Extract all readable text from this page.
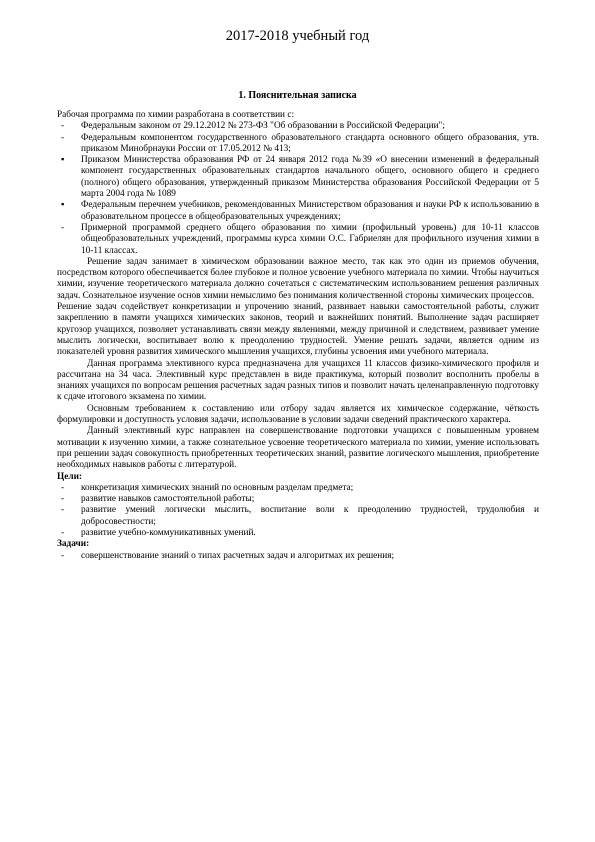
2017-2018 учебный год
1. Пояснительная записка

Рабочая программа по химии разработана в соответствии с:

- Федеральным законом от 29.12.2012 № 273-ФЗ "Об образовании в Российской Федерации";
- Федеральным компонентом государственного образовательного стандарта основного общего образования, утв. приказом Минобрнауки России от 17.05.2012 № 413;
▪ Приказом Министерства образования РФ от 24 января 2012 года №39 «О внесении изменений в федеральный компонент государственных образовательных стандартов начального общего, основного общего и среднего (полного) общего образования, утвержденный приказом Министерства образования Российской Федерации от 5 марта 2004 года № 1089
▪ Федеральным перечнем учебников, рекомендованных Министерством образования и науки РФ к использованию в образовательном процессе в общеобразовательных учреждениях;
- Примерной программой среднего общего образования по химии (профильный уровень) для 10-11 классов общеобразовательных учреждений, программы курса химии О.С. Габриелян для профильного изучения химии в 10-11 классах.

Решение задач занимает в химическом образовании важное место, так как это один из приемов обучения, посредством которого обеспечивается более глубокое и полное усвоение учебного материала по химии. Чтобы научиться химии, изучение теоретического материала должно сочетаться с систематическим использованием решения различных задач. Сознательное изучение основ химии немыслимо без понимания количественной стороны химических процессов.

Решение задач содействует конкретизации и упрочению знаний, развивает навыки самостоятельной работы, служит закреплению в памяти учащихся химических законов, теорий и важнейших понятий. Выполнение задач расширяет кругозор учащихся, позволяет устанавливать связи между явлениями, между причиной и следствием, развивает умение мыслить логически, воспитывает волю к преодолению трудностей. Умение решать задачи, является одним из показателей уровня развития химического мышления учащихся, глубины усвоения ими учебного материала.

Данная программа элективного курса предназначена для учащихся 11 классов физико-химического профиля и рассчитана на 34 часа. Элективный курс представлен в виде практикума, который позволит восполнить пробелы в знаниях учащихся по вопросам решения расчетных задач разных типов и позволит начать целенаправленную подготовку к сдаче итогового экзамена по химии.

Основным требованием к составлению или отбору задач является их химическое содержание, чёткость формулировки и доступность условия задачи, использование в условии задачи сведений практического характера.

Данный элективный курс направлен на совершенствование подготовки учащихся с повышенным уровнем мотивации к изучению химии, а также сознательное усвоение теоретического материала по химии, умение использовать при решении задач совокупность приобретенных теоретических знаний, развитие логического мышления, приобретение необходимых навыков работы с литературой.

Цели:

- конкретизация химических знаний по основным разделам предмета;
- развитие навыков самостоятельной работы;
- развитие умений логически мыслить, воспитание воли к преодолению трудностей, трудолюбия и добросовестности;
- развитие учебно-коммуникативных умений.

Задачи:

- совершенствование знаний о типах расчетных задач и алгоритмах их решения;
